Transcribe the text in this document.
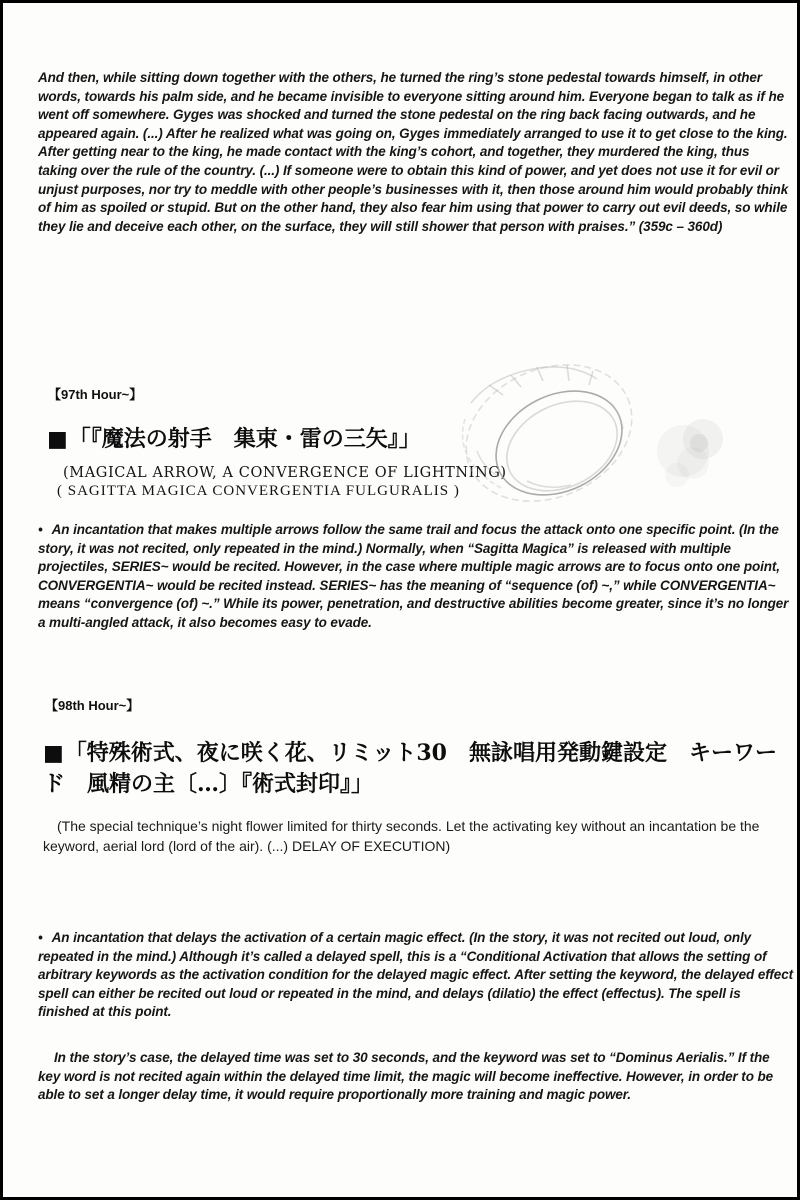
And then, while sitting down together with the others, he turned the ring’s stone pedestal towards himself, in other words, towards his palm side, and he became invisible to everyone sitting around him. Everyone began to talk as if he went off somewhere. Gyges was shocked and turned the stone pedestal on the ring back facing outwards, and he appeared again. (...) After he realized what was going on, Gyges immediately arranged to use it to get close to the king. After getting near to the king, he made contact with the king’s cohort, and together, they murdered the king, thus taking over the rule of the country. (...) If someone were to obtain this kind of power, and yet does not use it for evil or unjust purposes, nor try to meddle with other people’s businesses with it, then those around him would probably think of him as spoiled or stupid. But on the other hand, they also fear him using that power to carry out evil deeds, so while they lie and deceive each other, on the surface, they will still shower that person with praises.” (359c – 360d)

【97th Hour~】

■「『魔法の射手　集束・雷の三矢』」

(MAGICAL ARROW, A CONVERGENCE OF LIGHTNING)

( SAGITTA MAGICA CONVERGENTIA FULGURALIS )

• An incantation that makes multiple arrows follow the same trail and focus the attack onto one specific point. (In the story, it was not recited, only repeated in the mind.) Normally, when “Sagitta Magica” is released with multiple projectiles, SERIES~ would be recited. However, in the case where multiple magic arrows are to focus onto one point, CONVERGENTIA~ would be recited instead. SERIES~ has the meaning of “sequence (of) ~,” while CONVERGENTIA~ means “convergence (of) ~.” While its power, penetration, and destructive abilities become greater, since it’s no longer a multi-angled attack, it also becomes easy to evade.

【98th Hour~】

■「特殊術式、夜に咲く花、リミット30　無詠唱用発動鍵設定　キーワード　風精の主〔…〕『術式封印』」

(The special technique’s night flower limited for thirty seconds. Let the activating key without an incantation be the keyword, aerial lord (lord of the air). (...) DELAY OF EXECUTION)

• An incantation that delays the activation of a certain magic effect. (In the story, it was not recited out loud, only repeated in the mind.) Although it’s called a delayed spell, this is a “Conditional Activation that allows the setting of arbitrary keywords as the activation condition for the delayed magic effect. After setting the keyword, the delayed effect spell can either be recited out loud or repeated in the mind, and delays (dilatio) the effect (effectus). The spell is finished at this point.

In the story’s case, the delayed time was set to 30 seconds, and the keyword was set to “Dominus Aerialis.” If the key word is not recited again within the delayed time limit, the magic will become ineffective. However, in order to be able to set a longer delay time, it would require proportionally more training and magic power.
